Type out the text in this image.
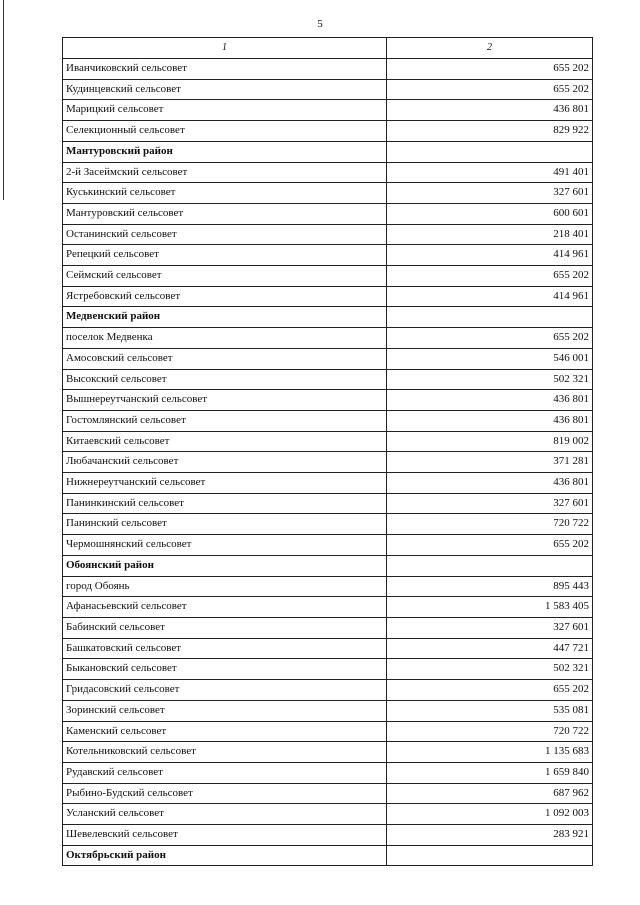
5
1	2
Иванчиковский сельсовет	655 202
Кудинцевский сельсовет	655 202
Марицкий сельсовет	436 801
Селекционный сельсовет	829 922
Мантуровский район	
2-й Засеймский сельсовет	491 401
Куськинский сельсовет	327 601
Мантуровский сельсовет	600 601
Останинский сельсовет	218 401
Репецкий сельсовет	414 961
Сеймский сельсовет	655 202
Ястребовский сельсовет	414 961
Медвенский район	
поселок Медвенка	655 202
Амосовский сельсовет	546 001
Высокский сельсовет	502 321
Вышнереутчанский сельсовет	436 801
Гостомлянский сельсовет	436 801
Китаевский сельсовет	819 002
Любачанский сельсовет	371 281
Нижнереутчанский сельсовет	436 801
Панинкинский сельсовет	327 601
Панинский сельсовет	720 722
Чермошнянский сельсовет	655 202
Обоянский район	
город Обоянь	895 443
Афанасьевский сельсовет	1 583 405
Бабинский сельсовет	327 601
Башкатовский сельсовет	447 721
Быкановский сельсовет	502 321
Гридасовский сельсовет	655 202
Зоринский сельсовет	535 081
Каменский сельсовет	720 722
Котельниковский сельсовет	1 135 683
Рудавский сельсовет	1 659 840
Рыбино-Будский сельсовет	687 962
Усланский сельсовет	1 092 003
Шевелевский сельсовет	283 921
Октябрьский район	
